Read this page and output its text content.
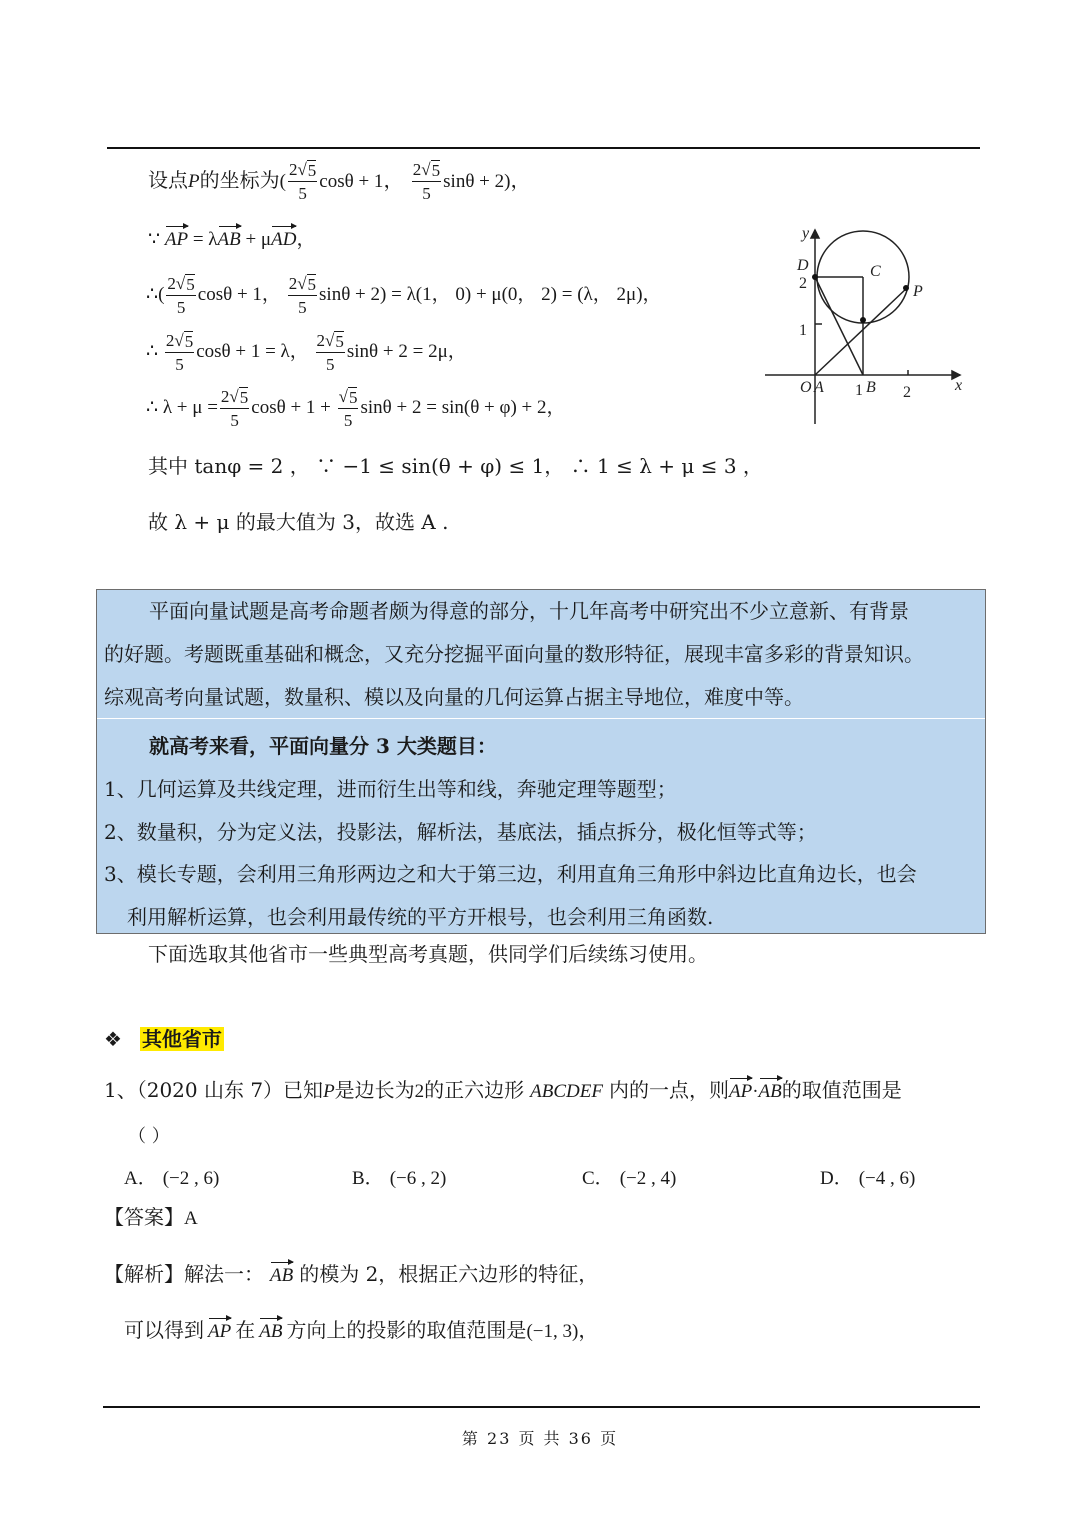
设点P的坐标为( $\frac{2 √ 5}{5}$ cosθ + 1， $\frac{2 √ 5}{5}$ sinθ + 2)，
∵ AP = λAB + μAD，
∴( $\frac{2 √ 5}{5}$ cosθ + 1， $\frac{2 √ 5}{5}$ sinθ + 2) = λ(1， 0) + μ(0， 2) = (λ， 2μ)，
∴ $\frac{2 √ 5}{5}$ cosθ + 1 = λ， $\frac{2 √ 5}{5}$ sinθ + 2 = 2μ，
∴ $\lambda + \mu = \frac{2 √ 5}{5}$ $\cos\theta + 1 + \frac{√ 5}{5}$ sinθ + 2 = sin(θ + φ) + 2，
其中 tanφ = 2 ， ∵ −1 ≤ sin(θ + φ) ≤ 1， ∴ 1 ≤ λ + μ ≤ 3 ，
故 λ + μ 的最大值为 3，故选 A .
y
x
D	C
P
O A	B
2
1
1	2

平面向量试题是高考命题者颇为得意的部分，十几年高考中研究出不少立意新、有背景

的好题。考题既重基础和概念，又充分挖掘平面向量的数形特征，展现丰富多彩的背景知识。

综观高考向量试题，数量积、模以及向量的几何运算占据主导地位，难度中等。

就高考来看，平面向量分 3 大类题目：

1、几何运算及共线定理，进而衍生出等和线，奔驰定理等题型；

2、数量积，分为定义法，投影法，解析法，基底法，插点拆分，极化恒等式等；

3、模长专题，会利用三角形两边之和大于第三边，利用直角三角形中斜边比直角边长，也会

利用解析运算，也会利用最传统的平方开根号，也会利用三角函数.

下面选取其他省市一些典型高考真题，供同学们后续练习使用。
❖ 其他省市
1、（2020 山东 7）已知P是边长为2的正六边形 ABCDEF 内的一点，则AP·AB的取值范围是
（ ）
A． (−2 , 6)	B． (−6 , 2)	C． (−2 , 4)	D． (−4 , 6)
【答案】A
【解析】解法一： AB 的模为 2，根据正六边形的特征，
可以得到 AP 在 AB 方向上的投影的取值范围是(−1, 3)，
第 23 页 共 36 页
